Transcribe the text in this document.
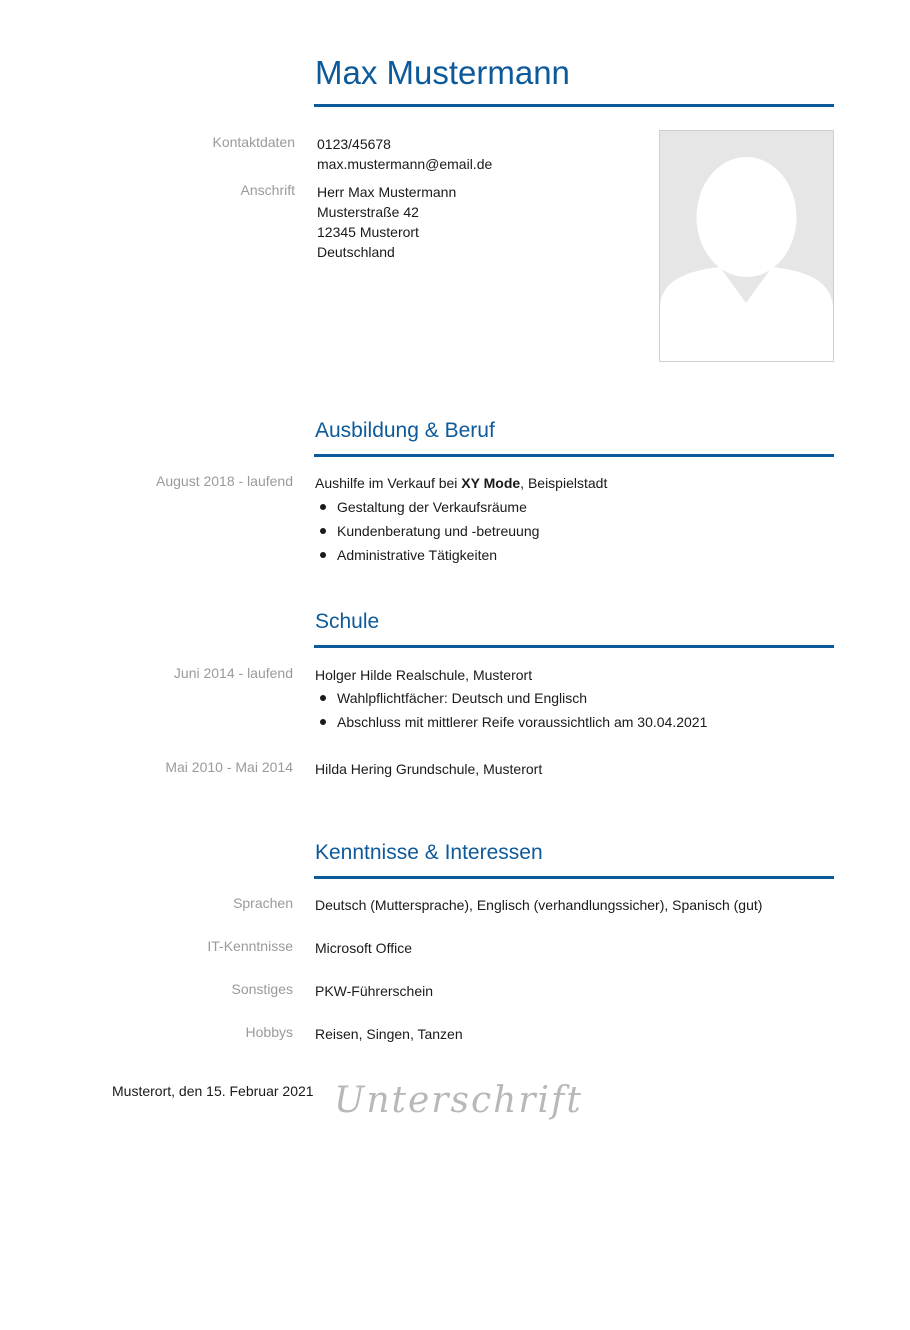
Max Mustermann
Kontaktdaten 0123/45678
max.mustermann@email.de
Anschrift Herr Max Mustermann
Musterstraße 42
12345 Musterort
Deutschland
Ausbildung & Beruf
August 2018 - laufend Aushilfe im Verkauf bei XY Mode, Beispielstadt
Gestaltung der Verkaufsräume
Kundenberatung und -betreuung
Administrative Tätigkeiten
Schule
Juni 2014 - laufend Holger Hilde Realschule, Musterort
Wahlpflichtfächer: Deutsch und Englisch
Abschluss mit mittlerer Reife voraussichtlich am 30.04.2021
Mai 2010 - Mai 2014 Hilda Hering Grundschule, Musterort
Kenntnisse & Interessen
Sprachen Deutsch (Muttersprache), Englisch (verhandlungssicher), Spanisch (gut)
IT-Kenntnisse Microsoft Office
Sonstiges PKW-Führerschein
Hobbys Reisen, Singen, Tanzen
Musterort, den 15. Februar 2021 Unterschrift
